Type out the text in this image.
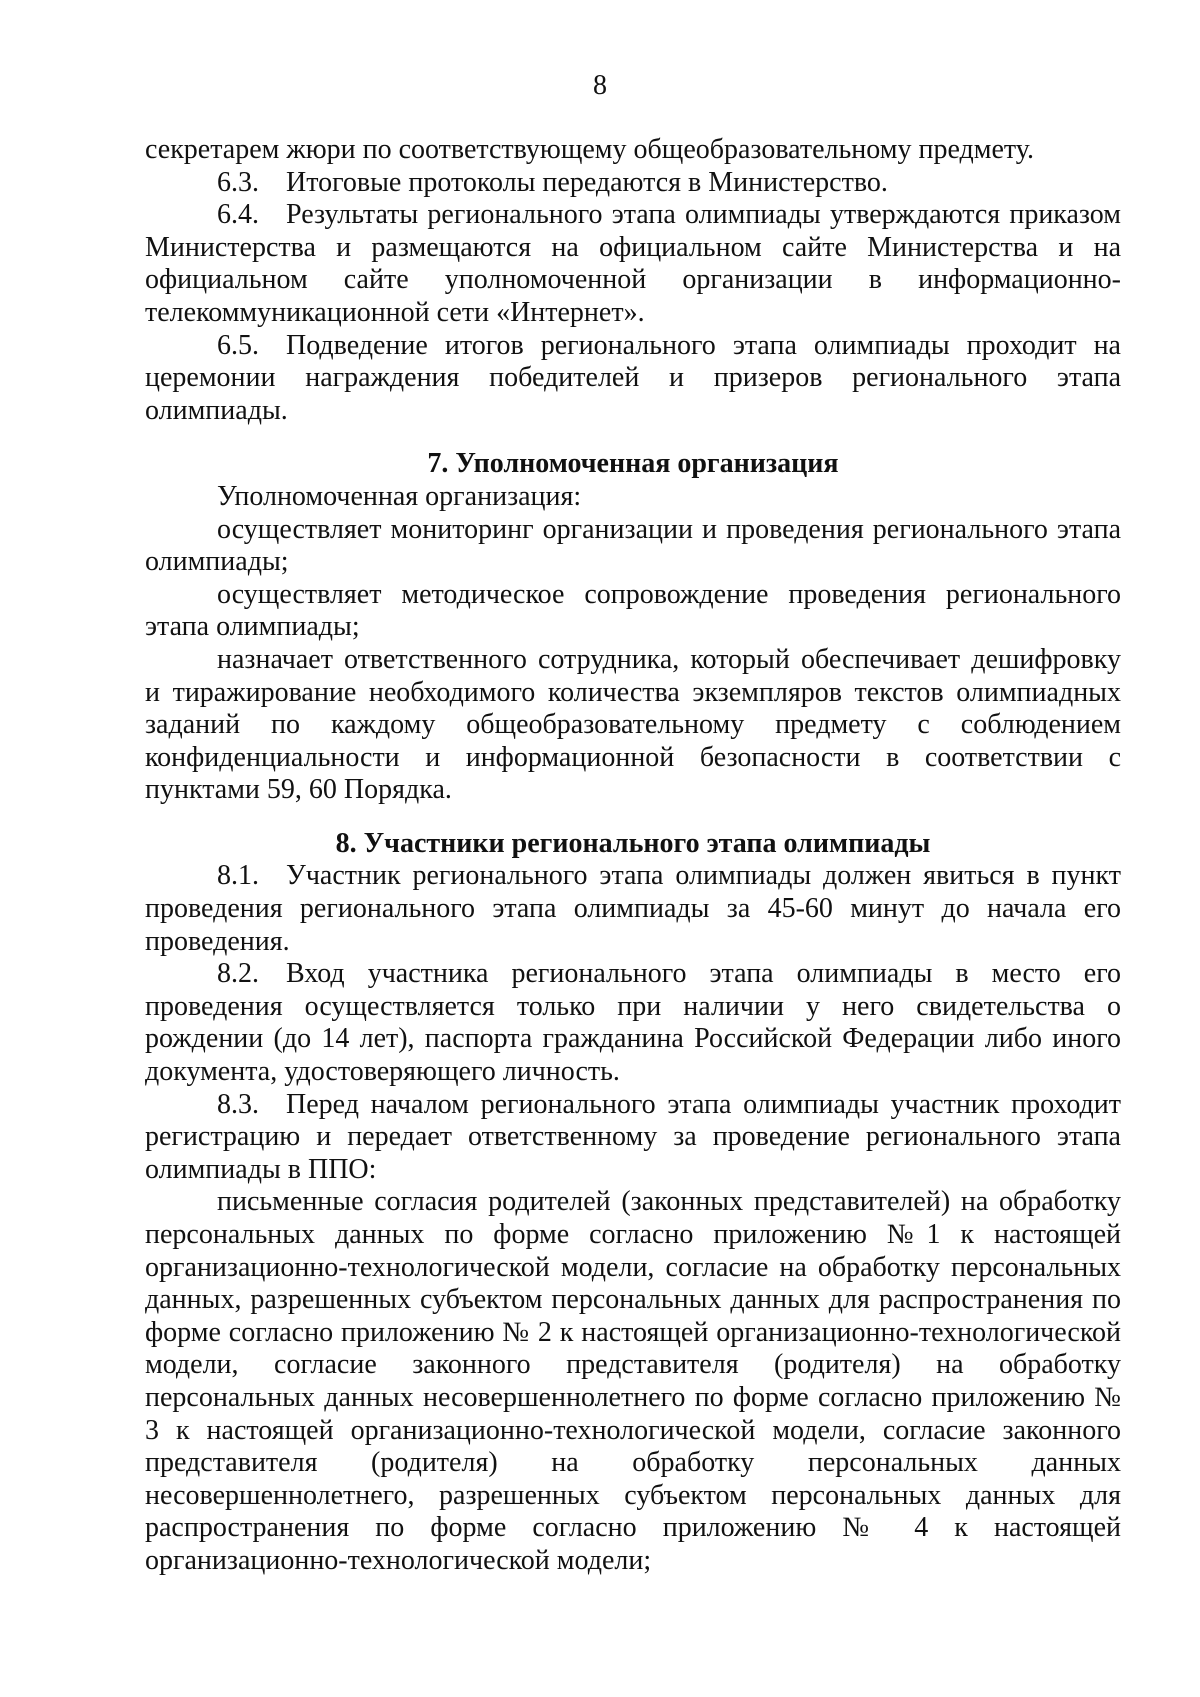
8

секретарем жюри по соответствующему общеобразовательному предмету.

6.3. Итоговые протоколы передаются в Министерство.

6.4. Результаты регионального этапа олимпиады утверждаются приказом Министерства и размещаются на официальном сайте Министерства и на официальном сайте уполномоченной организации в информационно-телекоммуникационной сети «Интернет».

6.5. Подведение итогов регионального этапа олимпиады проходит на церемонии награждения победителей и призеров регионального этапа олимпиады.

7. Уполномоченная организация

Уполномоченная организация:

осуществляет мониторинг организации и проведения регионального этапа олимпиады;

осуществляет методическое сопровождение проведения регионального этапа олимпиады;

назначает ответственного сотрудника, который обеспечивает дешифровку и тиражирование необходимого количества экземпляров текстов олимпиадных заданий по каждому общеобразовательному предмету с соблюдением конфиденциальности и информационной безопасности в соответствии с пунктами 59, 60 Порядка.

8. Участники регионального этапа олимпиады

8.1. Участник регионального этапа олимпиады должен явиться в пункт проведения регионального этапа олимпиады за 45-60 минут до начала его проведения.

8.2. Вход участника регионального этапа олимпиады в место его проведения осуществляется только при наличии у него свидетельства о рождении (до 14 лет), паспорта гражданина Российской Федерации либо иного документа, удостоверяющего личность.

8.3. Перед началом регионального этапа олимпиады участник проходит регистрацию и передает ответственному за проведение регионального этапа олимпиады в ППО:

письменные согласия родителей (законных представителей) на обработку персональных данных по форме согласно приложению №1 к настоящей организационно-технологической модели, согласие на обработку персональных данных, разрешенных субъектом персональных данных для распространения по форме согласно приложению № 2 к настоящей организационно-технологической модели, согласие законного представителя (родителя) на обработку персональных данных несовершеннолетнего по форме согласно приложению № 3 к настоящей организационно-технологической модели, согласие законного представителя (родителя) на обработку персональных данных несовершеннолетнего, разрешенных субъектом персональных данных для распространения по форме согласно приложению № 4 к настоящей организационно-технологической модели;
